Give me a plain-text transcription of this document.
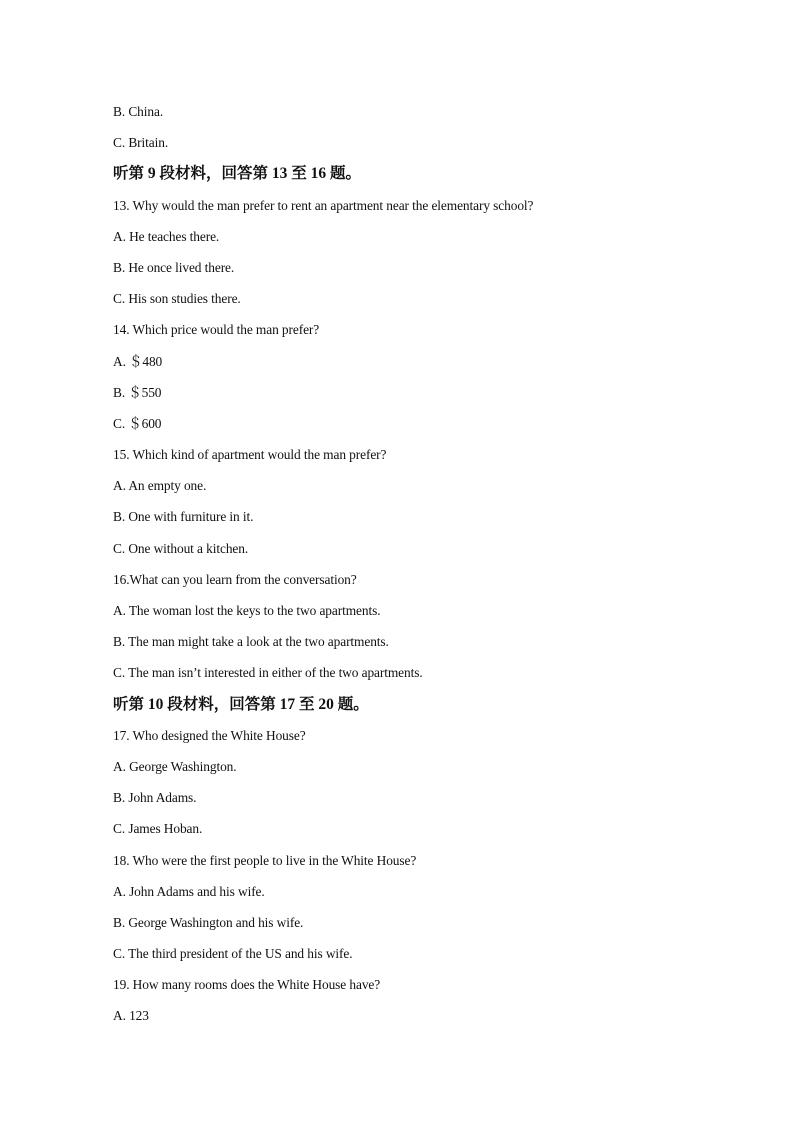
B. China.
C. Britain.
听第 9 段材料，回答第 13 至 16 题。
13. Why would the man prefer to rent an apartment near the elementary school?
A. He teaches there.
B. He once lived there.
C. His son studies there.
14. Which price would the man prefer?
A. ＄480
B. ＄550
C. ＄600
15. Which kind of apartment would the man prefer?
A. An empty one.
B. One with furniture in it.
C. One without a kitchen.
16.What can you learn from the conversation?
A. The woman lost the keys to the two apartments.
B. The man might take a look at the two apartments.
C. The man isn’t interested in either of the two apartments.
听第 10 段材料，回答第 17 至 20 题。
17. Who designed the White House?
A. George Washington.
B. John Adams.
C. James Hoban.
18. Who were the first people to live in the White House?
A. John Adams and his wife.
B. George Washington and his wife.
C. The third president of the US and his wife.
19. How many rooms does the White House have?
A. 123
